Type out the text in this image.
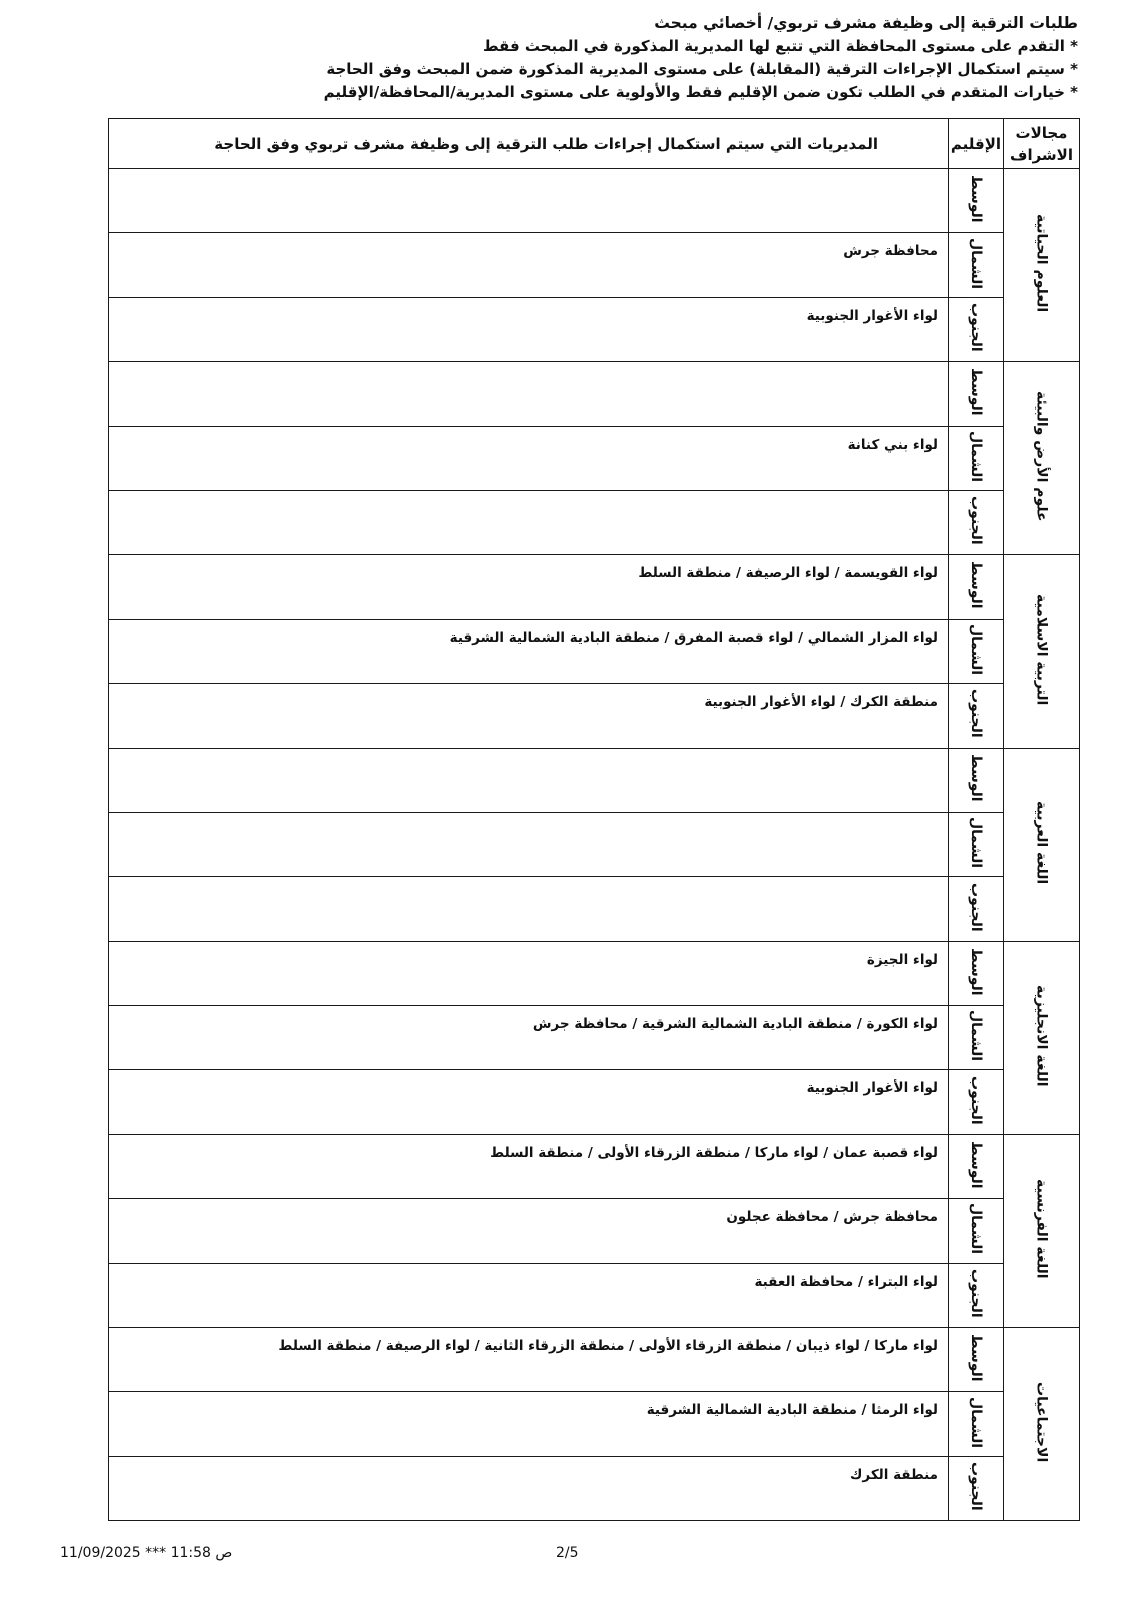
طلبات الترقية إلى وظيفة مشرف تربوي/ أخصائي مبحث
* التقدم على مستوى المحافظة التي تتبع لها المديرية المذكورة في المبحث فقط
* سيتم استكمال الإجراءات الترقية (المقابلة) على مستوى المديرية المذكورة ضمن المبحث وفق الحاجة
* خيارات المتقدم في الطلب تكون ضمن الإقليم فقط والأولوية على مستوى المديرية/المحافظة/الإقليم
مجالات
الاشراف	الإقليم	المديريات التي سيتم استكمال إجراءات طلب الترقية إلى وظيفة مشرف تربوي وفق الحاجة
العلوم الحياتية	الوسط	
	الشمال	محافظة جرش
	الجنوب	لواء الأغوار الجنوبية
علوم الأرض والبيئة	الوسط	
	الشمال	لواء بني كنانة
	الجنوب	
التربية الاسلامية	الوسط	لواء القويسمة / لواء الرصيفة / منطقة السلط
	الشمال	لواء المزار الشمالي / لواء قصبة المفرق / منطقة البادية الشمالية الشرقية
	الجنوب	منطقة الكرك / لواء الأغوار الجنوبية
اللغة العربية	الوسط	
	الشمال	
	الجنوب	
اللغة الانجليزية	الوسط	لواء الجيزة
	الشمال	لواء الكورة / منطقة البادية الشمالية الشرقية / محافظة جرش
	الجنوب	لواء الأغوار الجنوبية
اللغة الفرنسية	الوسط	لواء قصبة عمان / لواء ماركا / منطقة الزرقاء الأولى / منطقة السلط
	الشمال	محافظة جرش / محافظة عجلون
	الجنوب	لواء البتراء / محافظة العقبة
الاجتماعيات	الوسط	لواء ماركا / لواء ذيبان / منطقة الزرقاء الأولى / منطقة الزرقاء الثانية / لواء الرصيفة / منطقة السلط
	الشمال	لواء الرمثا / منطقة البادية الشمالية الشرقية
	الجنوب	منطقة الكرك
ص 11:58 *** 11/09/2025	2/5
